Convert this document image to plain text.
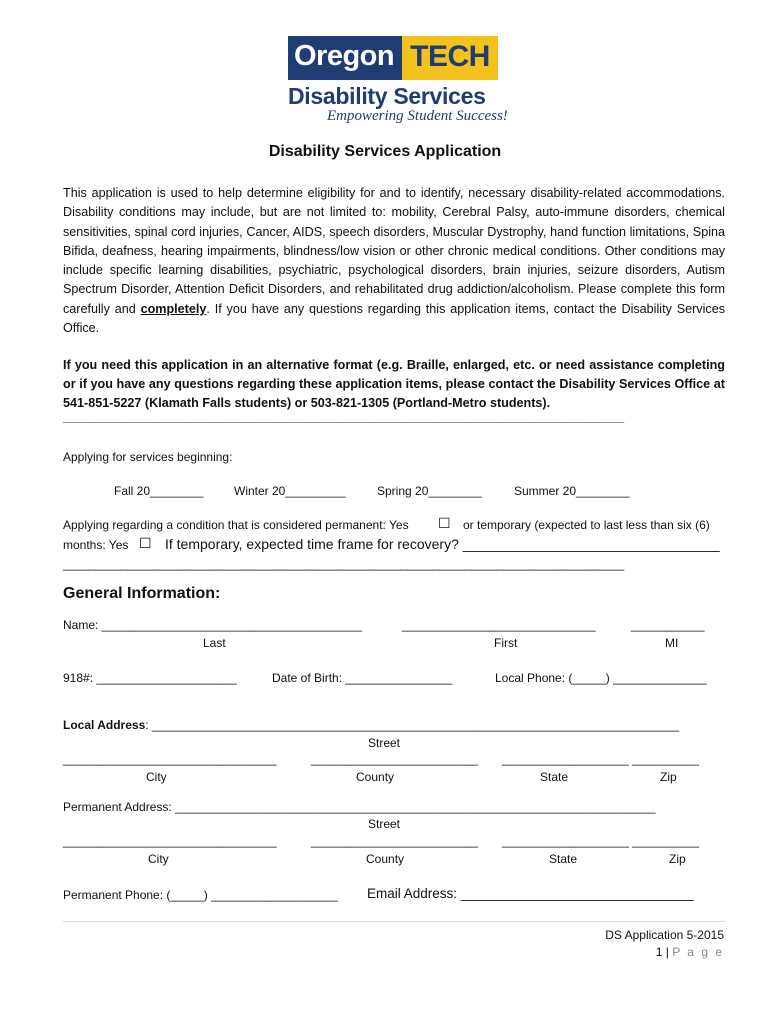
Oregon TECH
Disability Services
Empowering Student Success!
Disability Services Application
This application is used to help determine eligibility for and to identify, necessary disability-related accommodations. Disability conditions may include, but are not limited to: mobility, Cerebral Palsy, auto-immune disorders, chemical sensitivities, spinal cord injuries, Cancer, AIDS, speech disorders, Muscular Dystrophy, hand function limitations, Spina Bifida, deafness, hearing impairments, blindness/low vision or other chronic medical conditions. Other conditions may include specific learning disabilities, psychiatric, psychological disorders, brain injuries, seizure disorders, Autism Spectrum Disorder, Attention Deficit Disorders, and rehabilitated drug addiction/alcoholism. Please complete this form carefully and completely. If you have any questions regarding this application items, contact the Disability Services Office.
If you need this application in an alternative format (e.g. Braille, enlarged, etc. or need assistance completing or if you have any questions regarding these application items, please contact the Disability Services Office at 541-851-5227 (Klamath Falls students) or 503-821-1305 (Portland-Metro students).
________________________________________________________________________________________
Applying for services beginning:
Fall 20________	Winter 20_________	Spring 20________	Summer 20________
Applying regarding a condition that is considered permanent: Yes ☐ or temporary (expected to last less than six (6)
months: Yes ☐ If temporary, expected time frame for recovery? _________________________________
________________________________________________________________________________________
General Information:
Name: _______________________________________	_____________________________	___________
Last	First	MI
918#: _____________________	Date of Birth: ________________	Local Phone: (_____) ______________
Local Address: _______________________________________________________________________________
Street
________________________________	_________________________ ___________________ __________
City	County	State	Zip
Permanent Address: ________________________________________________________________________
Street
________________________________	_________________________ ___________________ __________
City	County	State	Zip
Permanent Phone: (_____) ___________________ Email Address: _______________________________
DS Application 5-2015
1 | P a g e
